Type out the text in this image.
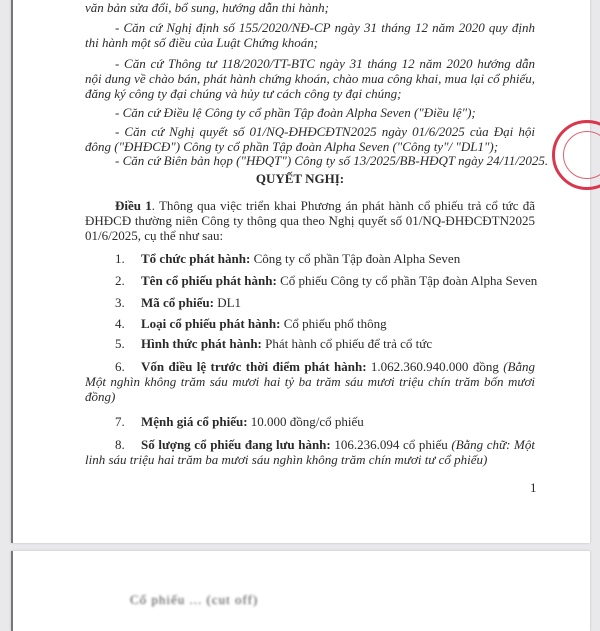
văn bản sửa đổi, bổ sung, hướng dẫn thi hành;
- Căn cứ Nghị định số 155/2020/NĐ-CP ngày 31 tháng 12 năm 2020 quy định
thi hành một số điều của Luật Chứng khoán;
- Căn cứ Thông tư 118/2020/TT-BTC ngày 31 tháng 12 năm 2020 hướng dẫn
nội dung về chào bán, phát hành chứng khoán, chào mua công khai, mua lại cổ phiếu,
đăng ký công ty đại chúng và hủy tư cách công ty đại chúng;
- Căn cứ Điều lệ Công ty cổ phần Tập đoàn Alpha Seven ("Điều lệ");
- Căn cứ Nghị quyết số 01/NQ-ĐHĐCĐTN2025 ngày 01/6/2025 của Đại hội
đông ("ĐHĐCĐ") Công ty cổ phần Tập đoàn Alpha Seven ("Công ty"/ "DL1");
- Căn cứ Biên bản họp ("HĐQT") Công ty số 13/2025/BB-HĐQT ngày 24/11/2025.
QUYẾT NGHỊ:
Điều 1. Thông qua việc triển khai Phương án phát hành cổ phiếu trả cổ tức đã
ĐHĐCĐ thường niên Công ty thông qua theo Nghị quyết số 01/NQ-ĐHĐCĐTN2025
01/6/2025, cụ thể như sau:
1. Tổ chức phát hành: Công ty cổ phần Tập đoàn Alpha Seven
2. Tên cổ phiếu phát hành: Cổ phiếu Công ty cổ phần Tập đoàn Alpha Seven
3. Mã cổ phiếu: DL1
4. Loại cổ phiếu phát hành: Cổ phiếu phổ thông
5. Hình thức phát hành: Phát hành cổ phiếu để trả cổ tức
6. Vốn điều lệ trước thời điểm phát hành: 1.062.360.940.000 đồng (Bằng
Một nghìn không trăm sáu mươi hai tỷ ba trăm sáu mươi triệu chín trăm bốn mươi
đồng)
7. Mệnh giá cổ phiếu: 10.000 đồng/cổ phiếu
8. Số lượng cổ phiếu đang lưu hành: 106.236.094 cổ phiếu (Bằng chữ: Một
linh sáu triệu hai trăm ba mươi sáu nghìn không trăm chín mươi tư cổ phiếu)
1
Cổ phiếu ... (cut off)
